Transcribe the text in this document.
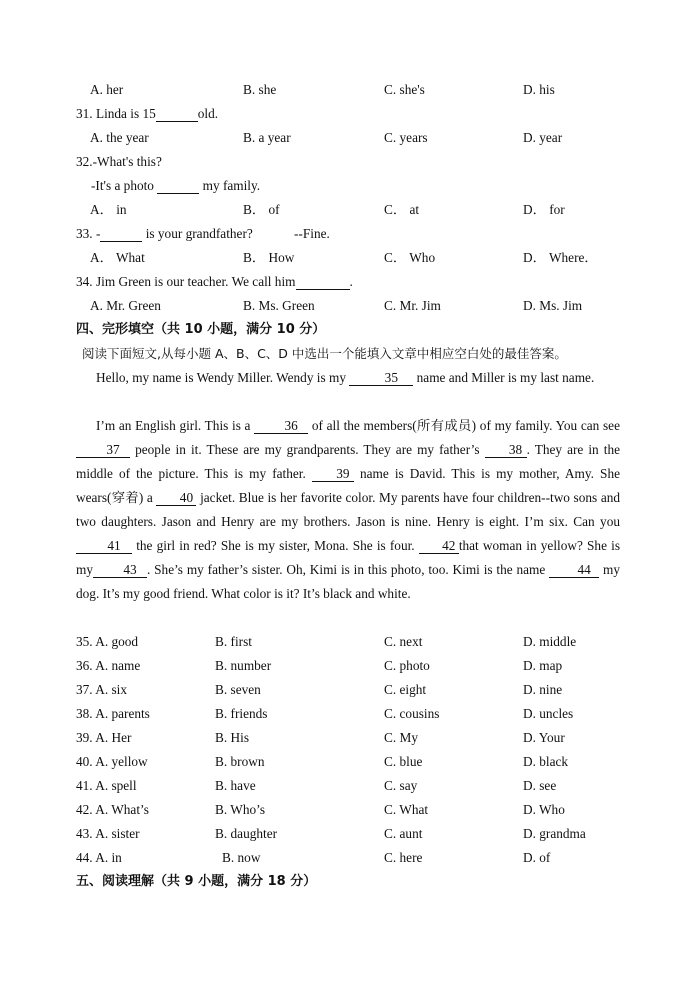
A. her	B. she	C. she's	D. his
31. Linda is 15	old.
A. the year	B. a year	C. years	D. year
32.-What's this?
-It's a photo	my family.
A． in	B． of	C． at	D． for
33. -	is your grandfather?	--Fine.
A． What	B． How	C． Who	D． Where．
34. Jim Green is our teacher. We call him	.
A. Mr. Green	B. Ms. Green	C. Mr. Jim	D. Ms. Jim
四、完形填空（共 10 小题，满分 10 分）
阅读下面短文,从每小题 A、B、C、D 中选出一个能填入文章中相应空白处的最佳答案。
Hello, my name is Wendy Miller. Wendy is my	35 name and Miller is my last name.
I’m an English girl. This is a	36 of all the members(所有成员) of my family. You can see 37 people in it. These are my grandparents. They are my father’s 38 . They are in the middle of the picture. This is my father. 39 name is David. This is my mother, Amy. She wears(穿着) a 40 jacket. Blue is her favorite color. My parents have four children--two sons and two daughters. Jason and Henry are my brothers. Jason is nine. Henry is eight. I’m six. Can you 41 the girl in red? She is my sister, Mona. She is four. 42 that woman in yellow? She is my 43 . She’s my father’s sister. Oh, Kimi is in this photo, too. Kimi is the name 44 my dog. It’s my good friend. What color is it? It’s black and white.
35. A. good	B. first	C. next	D. middle
36. A. name	B. number	C. photo	D. map
37. A. six	B. seven	C. eight	D. nine
38. A. parents	B. friends	C. cousins	D. uncles
39. A. Her	B. His	C. My	D. Your
40. A. yellow	B. brown	C. blue	D. black
41. A. spell	B. have	C. say	D. see
42. A. What’s	B. Who’s	C. What	D. Who
43. A. sister	B. daughter	C. aunt	D. grandma
44. A. in	B. now	C. here	D. of
五、阅读理解（共 9 小题，满分 18 分）
